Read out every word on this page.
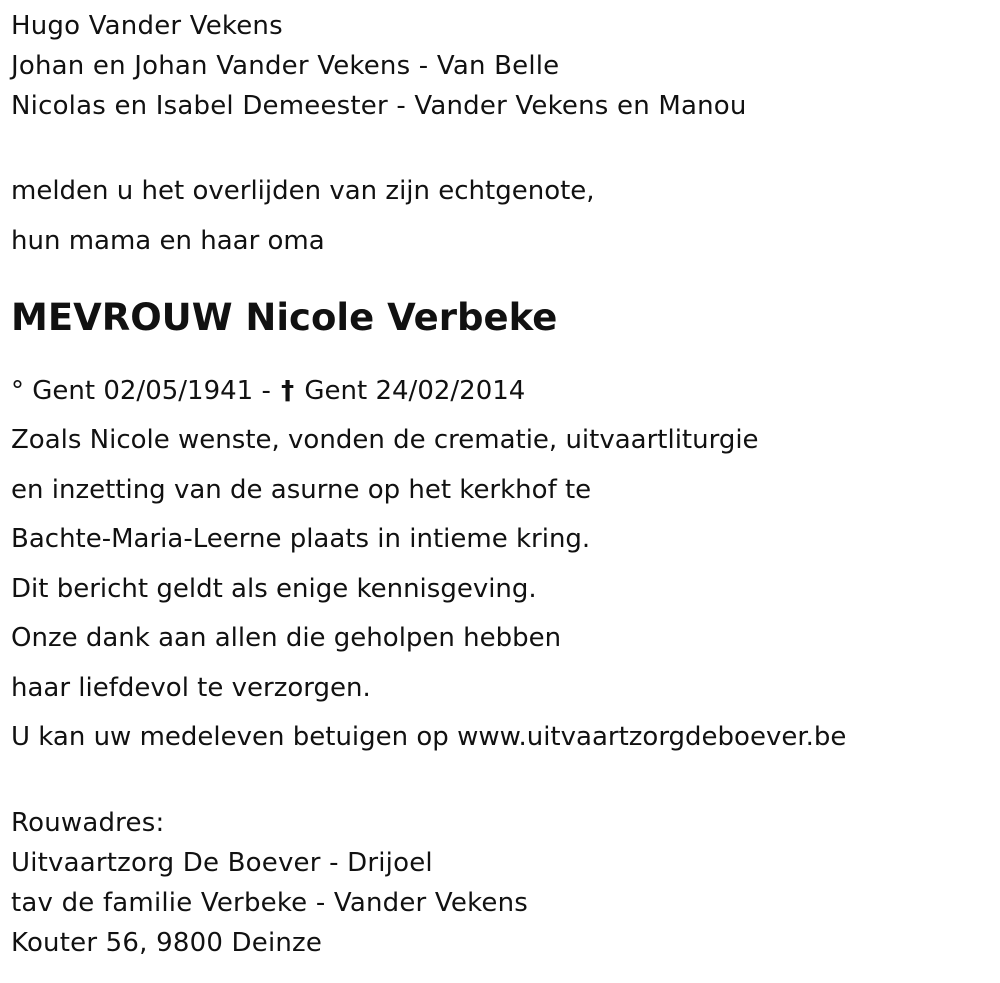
Hugo Vander Vekens
Johan en Johan Vander Vekens - Van Belle
Nicolas en Isabel Demeester - Vander Vekens en Manou
melden u het overlijden van zijn echtgenote,
hun mama en haar oma
MEVROUW Nicole Verbeke
° Gent 02/05/1941 - † Gent 24/02/2014
Zoals Nicole wenste, vonden de crematie, uitvaartliturgie
en inzetting van de asurne op het kerkhof te
Bachte-Maria-Leerne plaats in intieme kring.
Dit bericht geldt als enige kennisgeving.
Onze dank aan allen die geholpen hebben
haar liefdevol te verzorgen.
U kan uw medeleven betuigen op www.uitvaartzorgdeboever.be
Rouwadres:
Uitvaartzorg De Boever - Drijoel
tav de familie Verbeke - Vander Vekens
Kouter 56, 9800 Deinze
